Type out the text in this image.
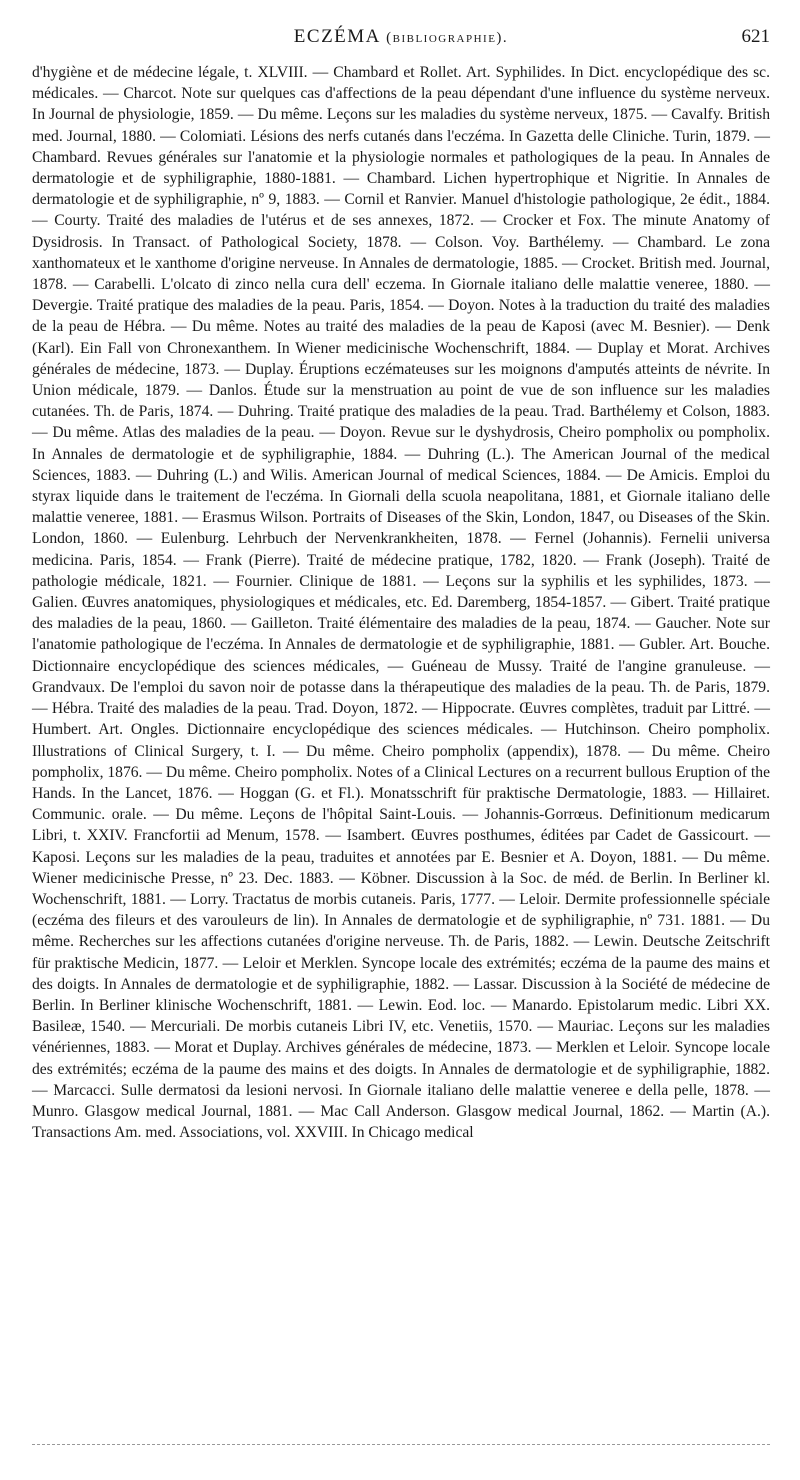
ECZÉMA (bibliographie).	621

d'hygiène et de médecine légale, t. XLVIII. — Chambard et Rollet. Art. Syphilides. In Dict. encyclopédique des sc. médicales. — Charcot. Note sur quelques cas d'affections de la peau dépendant d'une influence du système nerveux. In Journal de physiologie, 1859. — Du même. Leçons sur les maladies du système nerveux, 1875. — Cavalfy. British med. Journal, 1880. — Colomiati. Lésions des nerfs cutanés dans l'eczéma. In Gazetta delle Cliniche. Turin, 1879. — Chambard. Revues générales sur l'anatomie et la physiologie normales et pathologiques de la peau. In Annales de dermatologie et de syphiligraphie, 1880-1881. — Chambard. Lichen hypertrophique et Nigritie. In Annales de dermatologie et de syphiligraphie, nº 9, 1883. — Cornil et Ranvier. Manuel d'histologie pathologique, 2e édit., 1884. — Courty. Traité des maladies de l'utérus et de ses annexes, 1872. — Crocker et Fox. The minute Anatomy of Dysidrosis. In Transact. of Pathological Society, 1878. — Colson. Voy. Barthélemy. — Chambard. Le zona xanthomateux et le xanthome d'origine nerveuse. In Annales de dermatologie, 1885. — Crocket. British med. Journal, 1878. — Carabelli. L'olcato di zinco nella cura dell' eczema. In Giornale italiano delle malattie veneree, 1880. — Devergie. Traité pratique des maladies de la peau. Paris, 1854. — Doyon. Notes à la traduction du traité des maladies de la peau de Hébra. — Du même. Notes au traité des maladies de la peau de Kaposi (avec M. Besnier). — Denk (Karl). Ein Fall von Chronexanthem. In Wiener medicinische Wochenschrift, 1884. — Duplay et Morat. Archives générales de médecine, 1873. — Duplay. Éruptions eczémateuses sur les moignons d'amputés atteints de névrite. In Union médicale, 1879. — Danlos. Étude sur la menstruation au point de vue de son influence sur les maladies cutanées. Th. de Paris, 1874. — Duhring. Traité pratique des maladies de la peau. Trad. Barthélemy et Colson, 1883. — Du même. Atlas des maladies de la peau. — Doyon. Revue sur le dyshydrosis, Cheiro pompholix ou pompholix. In Annales de dermatologie et de syphiligraphie, 1884. — Duhring (L.). The American Journal of the medical Sciences, 1883. — Duhring (L.) and Wilis. American Journal of medical Sciences, 1884. — De Amicis. Emploi du styrax liquide dans le traitement de l'eczéma. In Giornali della scuola neapolitana, 1881, et Giornale italiano delle malattie veneree, 1881. — Erasmus Wilson. Portraits of Diseases of the Skin, London, 1847, ou Diseases of the Skin. London, 1860. — Eulenburg. Lehrbuch der Nervenkrankheiten, 1878. — Fernel (Johannis). Fernelii universa medicina. Paris, 1854. — Frank (Pierre). Traité de médecine pratique, 1782, 1820. — Frank (Joseph). Traité de pathologie médicale, 1821. — Fournier. Clinique de 1881. — Leçons sur la syphilis et les syphilides, 1873. — Galien. Œuvres anatomiques, physiologiques et médicales, etc. Ed. Daremberg, 1854-1857. — Gibert. Traité pratique des maladies de la peau, 1860. — Gailleton. Traité élémentaire des maladies de la peau, 1874. — Gaucher. Note sur l'anatomie pathologique de l'eczéma. In Annales de dermatologie et de syphiligraphie, 1881. — Gubler. Art. Bouche. Dictionnaire encyclopédique des sciences médicales, — Guéneau de Mussy. Traité de l'angine granuleuse. — Grandvaux. De l'emploi du savon noir de potasse dans la thérapeutique des maladies de la peau. Th. de Paris, 1879. — Hébra. Traité des maladies de la peau. Trad. Doyon, 1872. — Hippocrate. Œuvres complètes, traduit par Littré. — Humbert. Art. Ongles. Dictionnaire encyclopédique des sciences médicales. — Hutchinson. Cheiro pompholix. Illustrations of Clinical Surgery, t. I. — Du même. Cheiro pompholix (appendix), 1878. — Du même. Cheiro pompholix, 1876. — Du même. Cheiro pompholix. Notes of a Clinical Lectures on a recurrent bullous Eruption of the Hands. In the Lancet, 1876. — Hoggan (G. et Fl.). Monatsschrift für praktische Dermatologie, 1883. — Hillairet. Communic. orale. — Du même. Leçons de l'hôpital Saint-Louis. — Johannis-Gorrœus. Definitionum medicarum Libri, t. XXIV. Francfortii ad Menum, 1578. — Isambert. Œuvres posthumes, éditées par Cadet de Gassicourt. — Kaposi. Leçons sur les maladies de la peau, traduites et annotées par E. Besnier et A. Doyon, 1881. — Du même. Wiener medicinische Presse, nº 23. Dec. 1883. — Köbner. Discussion à la Soc. de méd. de Berlin. In Berliner kl. Wochenschrift, 1881. — Lorry. Tractatus de morbis cutaneis. Paris, 1777. — Leloir. Dermite professionnelle spéciale (eczéma des fileurs et des varouleurs de lin). In Annales de dermatologie et de syphiligraphie, nº 731. 1881. — Du même. Recherches sur les affections cutanées d'origine nerveuse. Th. de Paris, 1882. — Lewin. Deutsche Zeitschrift für praktische Medicin, 1877. — Leloir et Merklen. Syncope locale des extrémités; eczéma de la paume des mains et des doigts. In Annales de dermatologie et de syphiligraphie, 1882. — Lassar. Discussion à la Société de médecine de Berlin. In Berliner klinische Wochenschrift, 1881. — Lewin. Eod. loc. — Manardo. Epistolarum medic. Libri XX. Basileæ, 1540. — Mercuriali. De morbis cutaneis Libri IV, etc. Venetiis, 1570. — Mauriac. Leçons sur les maladies vénériennes, 1883. — Morat et Duplay. Archives générales de médecine, 1873. — Merklen et Leloir. Syncope locale des extrémités; eczéma de la paume des mains et des doigts. In Annales de dermatologie et de syphiligraphie, 1882. — Marcacci. Sulle dermatosi da lesioni nervosi. In Giornale italiano delle malattie veneree e della pelle, 1878. — Munro. Glasgow medical Journal, 1881. — Mac Call Anderson. Glasgow medical Journal, 1862. — Martin (A.). Transactions Am. med. Associations, vol. XXVIII. In Chicago medical
